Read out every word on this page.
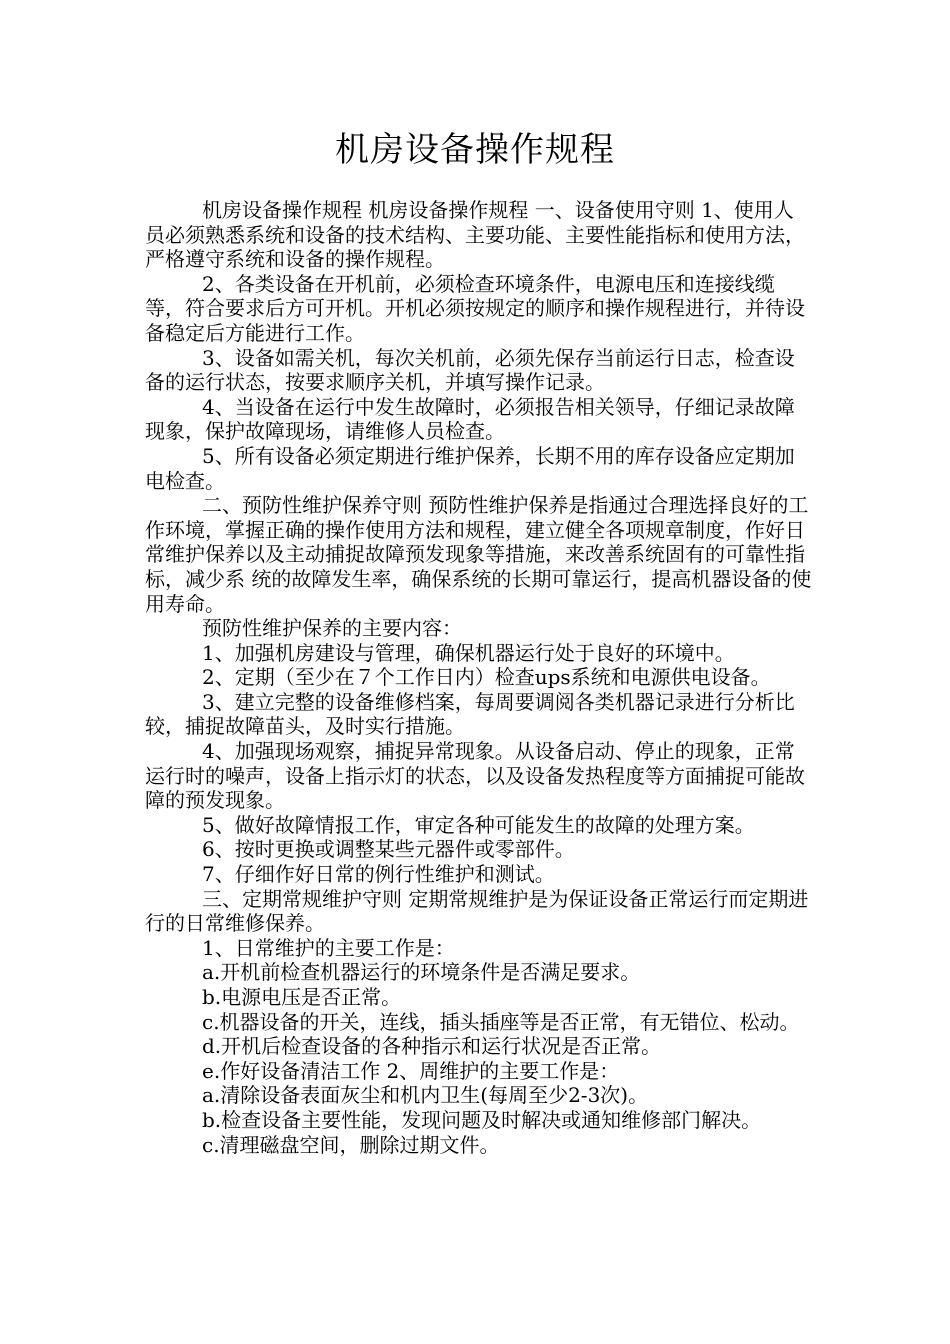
机房设备操作规程

机房设备操作规程 机房设备操作规程 一、设备使用守则 1、使用人员必须熟悉系统和设备的技术结构、主要功能、主要性能指标和使用方法，严格遵守系统和设备的操作规程。

2、各类设备在开机前，必须检查环境条件，电源电压和连接线缆等，符合要求后方可开机。开机必须按规定的顺序和操作规程进行，并待设备稳定后方能进行工作。

3、设备如需关机，每次关机前，必须先保存当前运行日志，检查设备的运行状态，按要求顺序关机，并填写操作记录。

4、当设备在运行中发生故障时，必须报告相关领导，仔细记录故障现象，保护故障现场，请维修人员检查。

5、所有设备必须定期进行维护保养，长期不用的库存设备应定期加电检查。

二、预防性维护保养守则 预防性维护保养是指通过合理选择良好的工作环境，掌握正确的操作使用方法和规程，建立健全各项规章制度，作好日常维护保养以及主动捕捉故障预发现象等措施，来改善系统固有的可靠性指标，减少系 统的故障发生率，确保系统的长期可靠运行，提高机器设备的使用寿命。

预防性维护保养的主要内容：

1、加强机房建设与管理，确保机器运行处于良好的环境中。

2、定期（至少在７个工作日内）检查ups系统和电源供电设备。

3、建立完整的设备维修档案，每周要调阅各类机器记录进行分析比较，捕捉故障苗头，及时实行措施。

4、加强现场观察，捕捉异常现象。从设备启动、停止的现象，正常运行时的噪声，设备上指示灯的状态，以及设备发热程度等方面捕捉可能故障的预发现象。

5、做好故障情报工作，审定各种可能发生的故障的处理方案。

6、按时更换或调整某些元器件或零部件。

7、仔细作好日常的例行性维护和测试。

三、定期常规维护守则 定期常规维护是为保证设备正常运行而定期进行的日常维修保养。

1、日常维护的主要工作是：

a.开机前检查机器运行的环境条件是否满足要求。

b.电源电压是否正常。

c.机器设备的开关，连线，插头插座等是否正常，有无错位、松动。

d.开机后检查设备的各种指示和运行状况是否正常。

e.作好设备清洁工作 2、周维护的主要工作是：

a.清除设备表面灰尘和机内卫生(每周至少2-3次)。

b.检查设备主要性能，发现问题及时解决或通知维修部门解决。

c.清理磁盘空间，删除过期文件。
